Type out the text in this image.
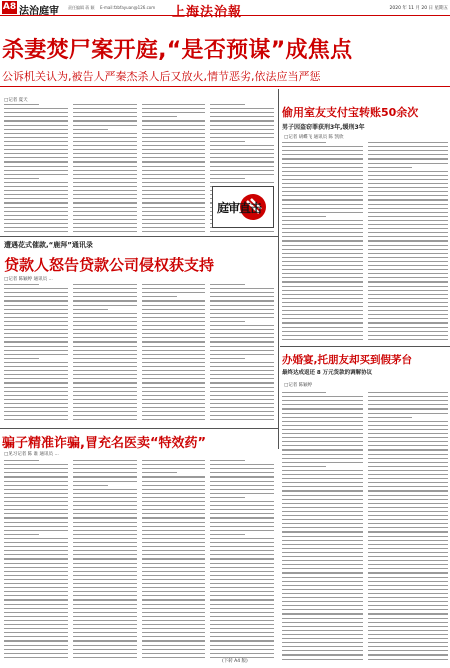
A8 法治庭审 责任编辑 蒋 颖 E-mail:fzbfayuan@126.com 上海法治報	2020 年 11 月 20 日 星期五
杀妻焚尸案开庭,“是否预谋”成焦点
公诉机关认为,被告人严秦杰杀人后又放火,情节恶劣,依法应当严惩
□记者 夏天
偷用室友支付宝转账50余次
男子因盗窃罪获刑3年,缓刑3年
□记者 胡蝶飞 通讯员 陈 凯欣
庭审直击
遭遇花式催款,“鹿拜”通讯录
贷款人怒告贷款公司侵权获支持
□记者 陈颖婷 通讯员 ...
办婚宴,托朋友却买到假茅台
最终达成返还 8 万元货款的调解协议
□记者 陈颖婷
骗子精准诈骗,冒充名医卖“特效药”
□见习记者 陈 谁 通讯员 ...
(下转 A4 版)
